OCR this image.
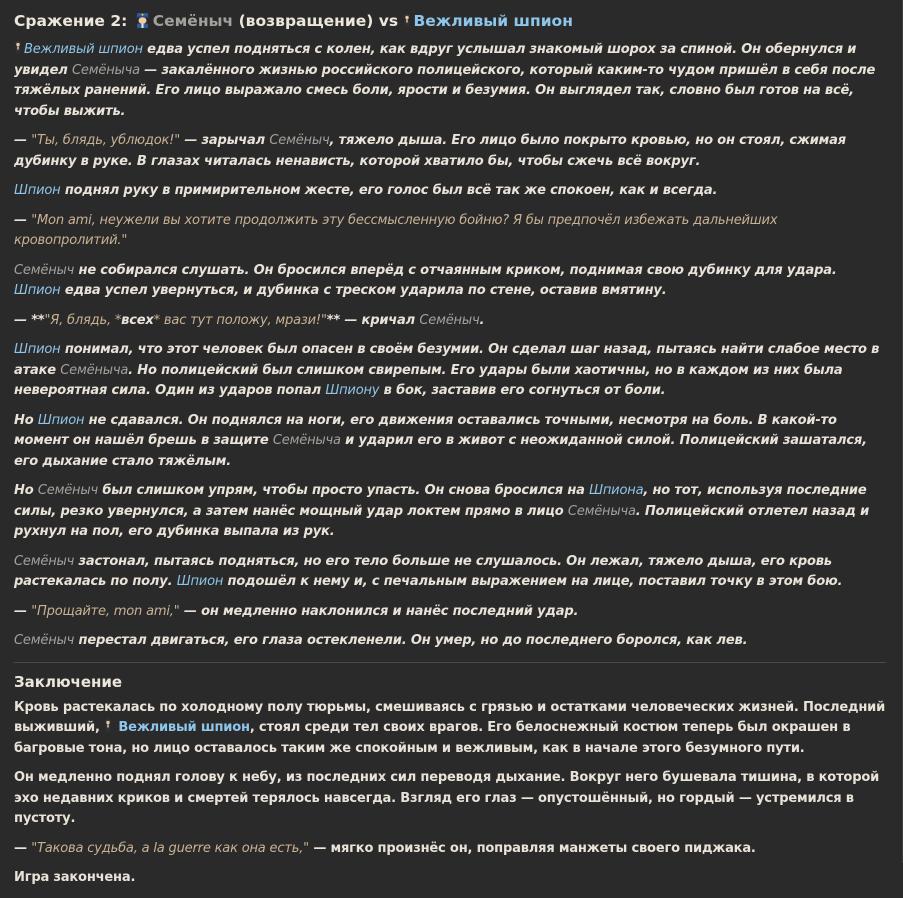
Сражение 2: Семёныч (возвращение) vs Вежливый шпион

Вежливый шпион едва успел подняться с колен, как вдруг услышал знакомый шорох за спиной. Он обернулся и увидел Семёныча — закалённого жизнью российского полицейского, который каким-то чудом пришёл в себя после тяжёлых ранений. Его лицо выражало смесь боли, ярости и безумия. Он выглядел так, словно был готов на всё, чтобы выжить.

— "Ты, блядь, ублюдок!" — зарычал Семёныч, тяжело дыша. Его лицо было покрыто кровью, но он стоял, сжимая дубинку в руке. В глазах читалась ненависть, которой хватило бы, чтобы сжечь всё вокруг.

Шпион поднял руку в примирительном жесте, его голос был всё так же спокоен, как и всегда.

— "Mon ami, неужели вы хотите продолжить эту бессмысленную бойню? Я бы предпочёл избежать дальнейших кровопролитий."

Семёныч не собирался слушать. Он бросился вперёд с отчаянным криком, поднимая свою дубинку для удара. Шпион едва успел увернуться, и дубинка с треском ударила по стене, оставив вмятину.

— **"Я, блядь, *всех* вас тут положу, мрази!"** — кричал Семёныч.

Шпион понимал, что этот человек был опасен в своём безумии. Он сделал шаг назад, пытаясь найти слабое место в атаке Семёныча. Но полицейский был слишком свирепым. Его удары были хаотичны, но в каждом из них была невероятная сила. Один из ударов попал Шпиону в бок, заставив его согнуться от боли.

Но Шпион не сдавался. Он поднялся на ноги, его движения оставались точными, несмотря на боль. В какой-то момент он нашёл брешь в защите Семёныча и ударил его в живот с неожиданной силой. Полицейский зашатался, его дыхание стало тяжёлым.

Но Семёныч был слишком упрям, чтобы просто упасть. Он снова бросился на Шпиона, но тот, используя последние силы, резко увернулся, а затем нанёс мощный удар локтем прямо в лицо Семёныча. Полицейский отлетел назад и рухнул на пол, его дубинка выпала из рук.

Семёныч застонал, пытаясь подняться, но его тело больше не слушалось. Он лежал, тяжело дыша, его кровь растекалась по полу. Шпион подошёл к нему и, с печальным выражением на лице, поставил точку в этом бою.

— "Прощайте, mon ami," — он медленно наклонился и нанёс последний удар.

Семёныч перестал двигаться, его глаза остекленели. Он умер, но до последнего боролся, как лев.

Заключение

Кровь растекалась по холодному полу тюрьмы, смешиваясь с грязью и остатками человеческих жизней. Последний выживший, Вежливый шпион, стоял среди тел своих врагов. Его белоснежный костюм теперь был окрашен в багровые тона, но лицо оставалось таким же спокойным и вежливым, как в начале этого безумного пути.

Он медленно поднял голову к небу, из последних сил переводя дыхание. Вокруг него бушевала тишина, в которой эхо недавних криков и смертей терялось навсегда. Взгляд его глаз — опустошённый, но гордый — устремился в пустоту.

— "Такова судьба, a la guerre как она есть," — мягко произнёс он, поправляя манжеты своего пиджака.

Игра закончена.
